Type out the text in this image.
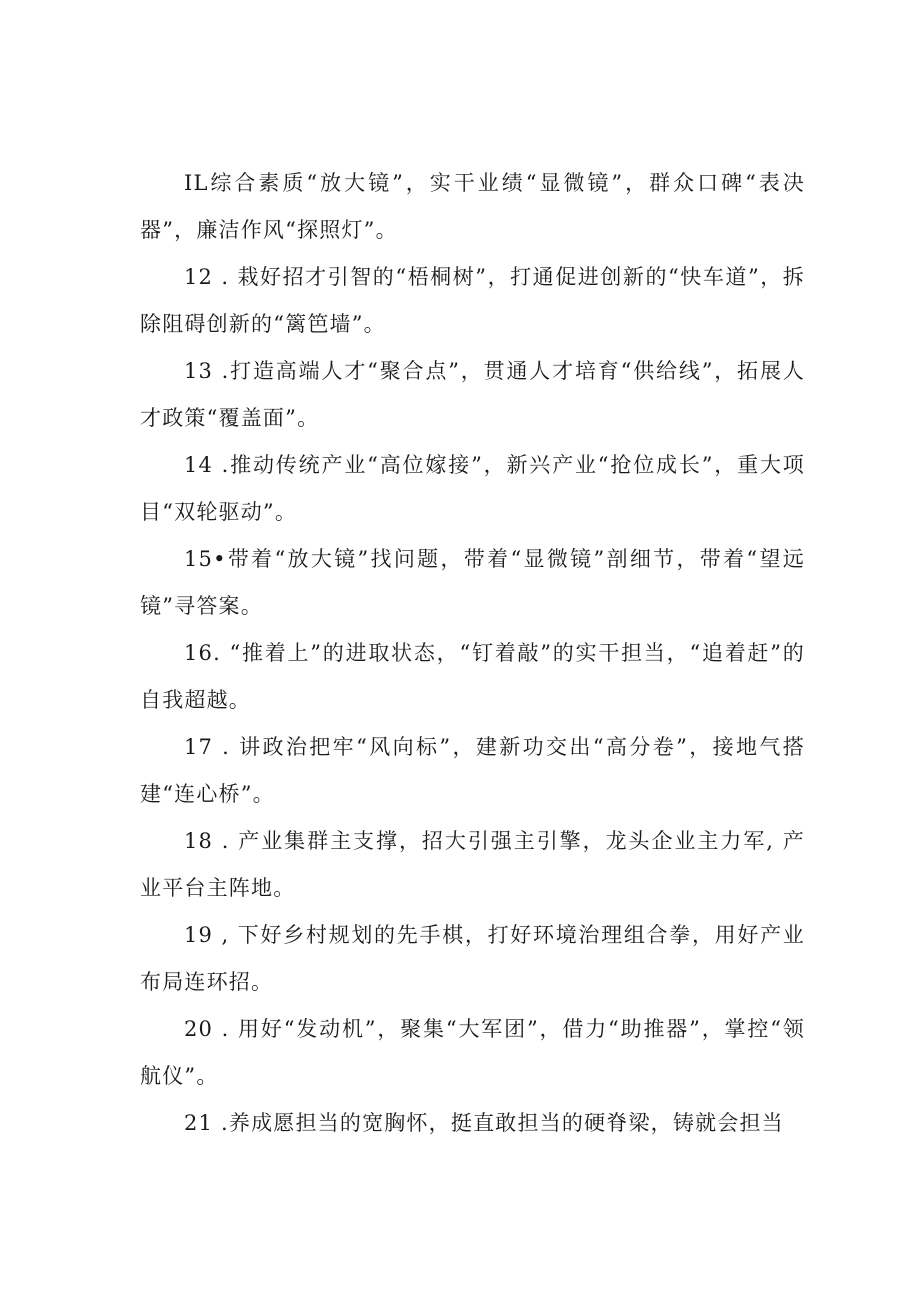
IL综合素质“放大镜”，实干业绩“显微镜”，群众口碑“表决器”，廉洁作风“探照灯”。

12 . 栽好招才引智的“梧桐树”，打通促进创新的“快车道”，拆除阻碍创新的“篱笆墙”。

13 .打造高端人才“聚合点”，贯通人才培育“供给线”，拓展人才政策“覆盖面”。

14 .推动传统产业“高位嫁接”，新兴产业“抢位成长”，重大项目“双轮驱动”。

15•带着“放大镜”找问题，带着“显微镜”剖细节，带着“望远镜”寻答案。

16. “推着上”的进取状态，“钉着敲”的实干担当，“追着赶”的自我超越。

17 . 讲政治把牢“风向标”，建新功交出“高分卷”，接地气搭建“连心桥”。

18 . 产业集群主支撑，招大引强主引擎，龙头企业主力军, 产业平台主阵地。

19 , 下好乡村规划的先手棋，打好环境治理组合拳，用好产业布局连环招。

20 . 用好“发动机”，聚集“大军团”，借力“助推器”，掌控“领航仪”。

21 .养成愿担当的宽胸怀，挺直敢担当的硬脊梁，铸就会担当
